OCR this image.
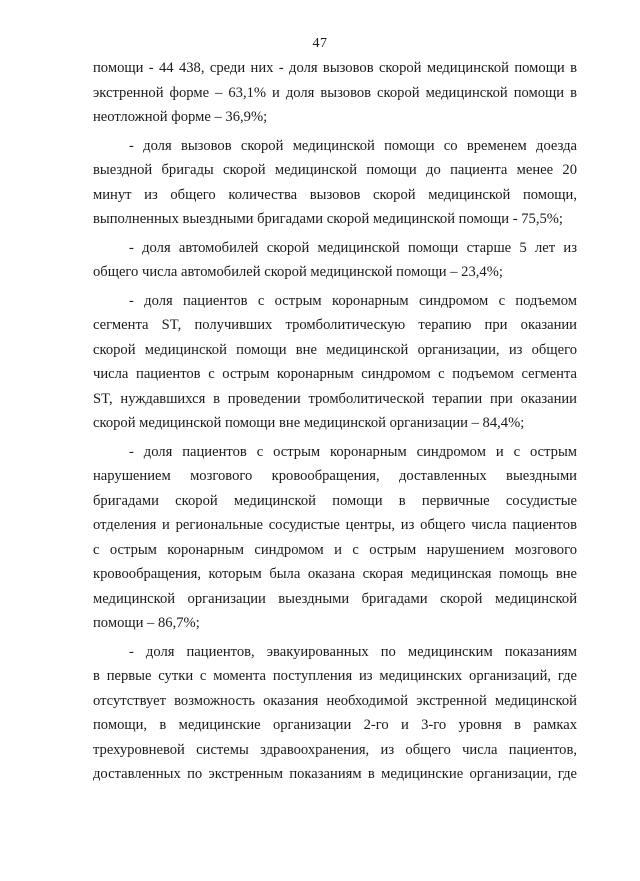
47
помощи - 44 438, среди них - доля вызовов скорой медицинской помощи в
экстренной форме – 63,1% и доля вызовов скорой медицинской помощи в
неотложной форме – 36,9%;
- доля вызовов скорой медицинской помощи со временем доезда
выездной бригады скорой медицинской помощи до пациента менее 20
минут из общего количества вызовов скорой медицинской помощи,
выполненных выездными бригадами скорой медицинской помощи - 75,5%;
- доля автомобилей скорой медицинской помощи старше 5 лет из
общего числа автомобилей скорой медицинской помощи – 23,4%;
- доля пациентов с острым коронарным синдромом с подъемом
сегмента ST, получивших тромболитическую терапию при оказании
скорой медицинской помощи вне медицинской организации, из общего
числа пациентов с острым коронарным синдромом с подъемом сегмента
ST, нуждавшихся в проведении тромболитической терапии при оказании
скорой медицинской помощи вне медицинской организации – 84,4%;
- доля пациентов с острым коронарным синдромом и с острым
нарушением мозгового кровообращения, доставленных выездными
бригадами скорой медицинской помощи в первичные сосудистые
отделения и региональные сосудистые центры, из общего числа пациентов
с острым коронарным синдромом и с острым нарушением мозгового
кровообращения, которым была оказана скорая медицинская помощь вне
медицинской организации выездными бригадами скорой медицинской
помощи – 86,7%;
- доля пациентов, эвакуированных по медицинским показаниям
в первые сутки с момента поступления из медицинских организаций, где
отсутствует возможность оказания необходимой экстренной медицинской
помощи, в медицинские организации 2-го и 3-го уровня в рамках
трехуровневой системы здравоохранения, из общего числа пациентов,
доставленных по экстренным показаниям в медицинские организации, где
